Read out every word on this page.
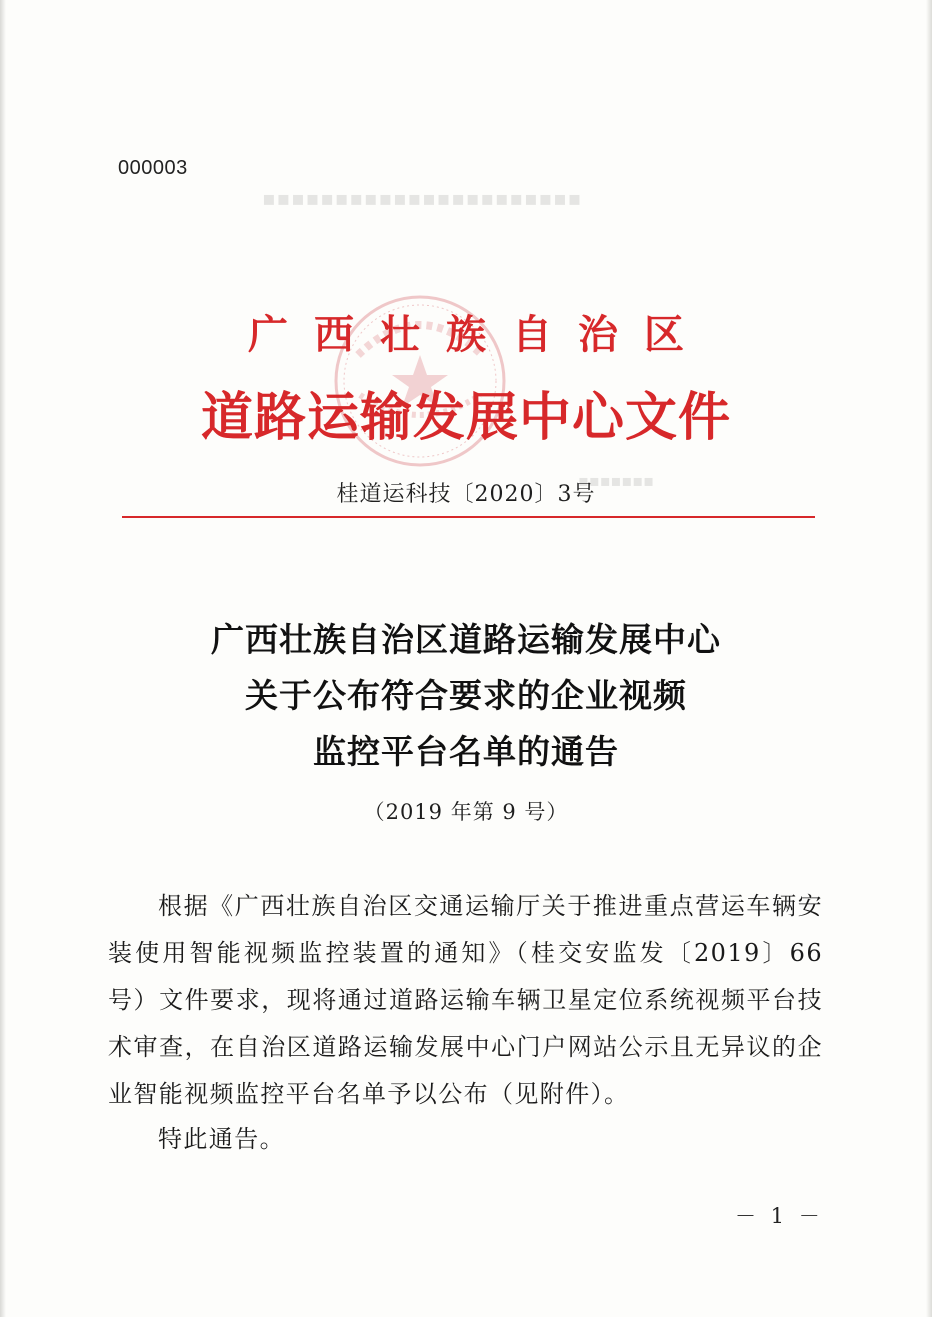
000003
▪▪▪▪▪▪▪▪▪▪▪▪▪▪▪▪▪▪▪▪▪▪
▪▪▪▪▪▪▪
广西壮族自治区
道路运输发展中心文件
桂道运科技〔2020〕3号
广西壮族自治区道路运输发展中心
关于公布符合要求的企业视频
监控平台名单的通告
（2019 年第 9 号）

根据《广西壮族自治区交通运输厅关于推进重点营运车辆安装使用智能视频监控装置的通知》（桂交安监发〔2019〕66 号）文件要求，现将通过道路运输车辆卫星定位系统视频平台技术审查，在自治区道路运输发展中心门户网站公示且无异议的企业智能视频监控平台名单予以公布（见附件）。

特此通告。
－ 1 －
